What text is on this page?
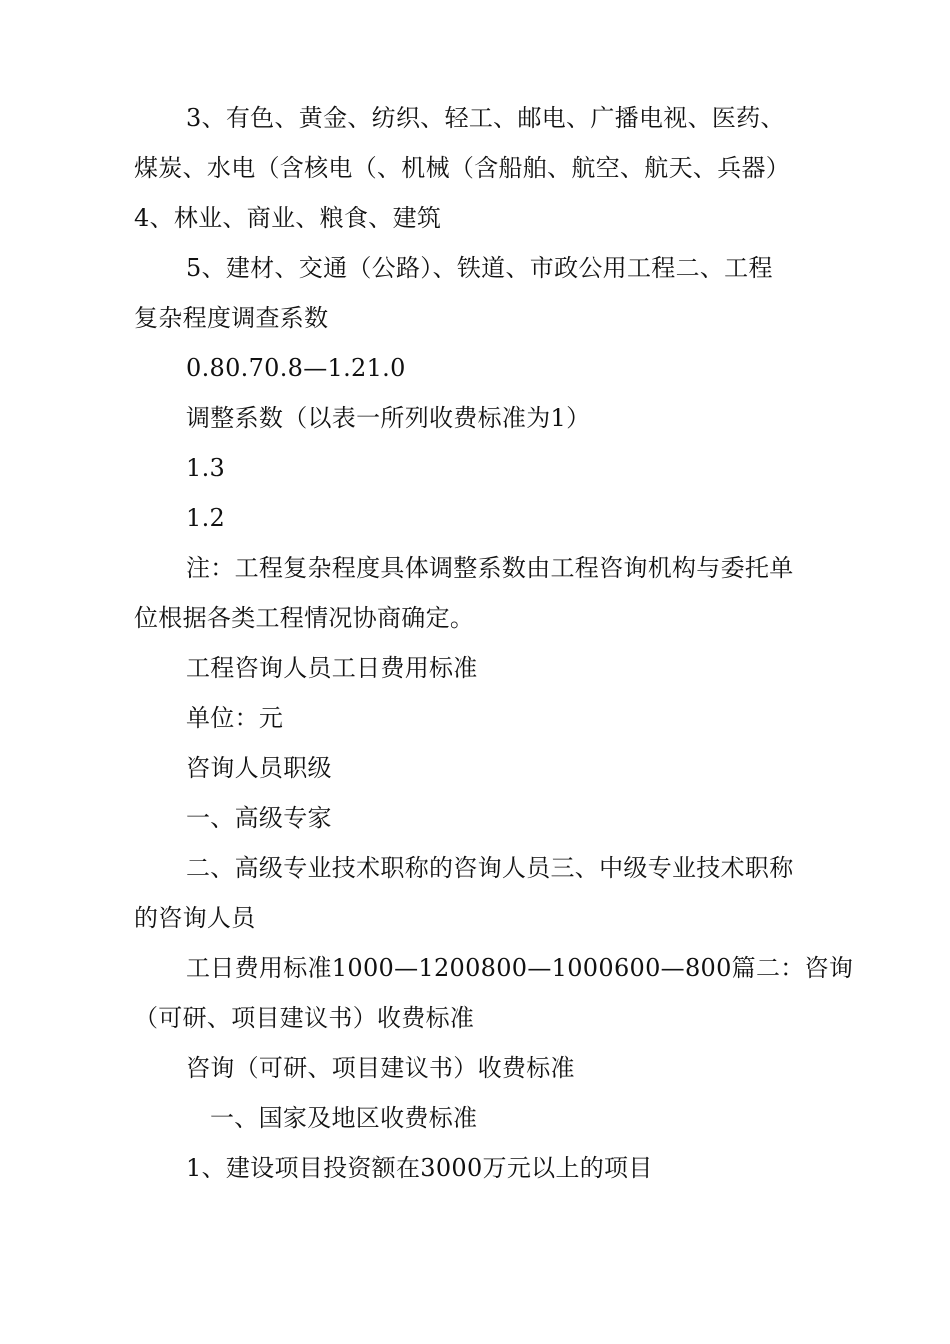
3、有色、黄金、纺织、轻工、邮电、广播电视、医药、
煤炭、水电（含核电（、机械（含船舶、航空、航天、兵器）
4、林业、商业、粮食、建筑
5、建材、交通（公路）、铁道、市政公用工程二、工程
复杂程度调查系数
0.80.70.8—1.21.0
调整系数（以表一所列收费标准为1）
1.3
1.2
注：工程复杂程度具体调整系数由工程咨询机构与委托单
位根据各类工程情况协商确定。
工程咨询人员工日费用标准
单位：元
咨询人员职级
一、高级专家
二、高级专业技术职称的咨询人员三、中级专业技术职称
的咨询人员
工日费用标准1000—1200800—1000600—800篇二：咨询
（可研、项目建议书）收费标准
咨询（可研、项目建议书）收费标准
一、国家及地区收费标准
1、建设项目投资额在3000万元以上的项目
